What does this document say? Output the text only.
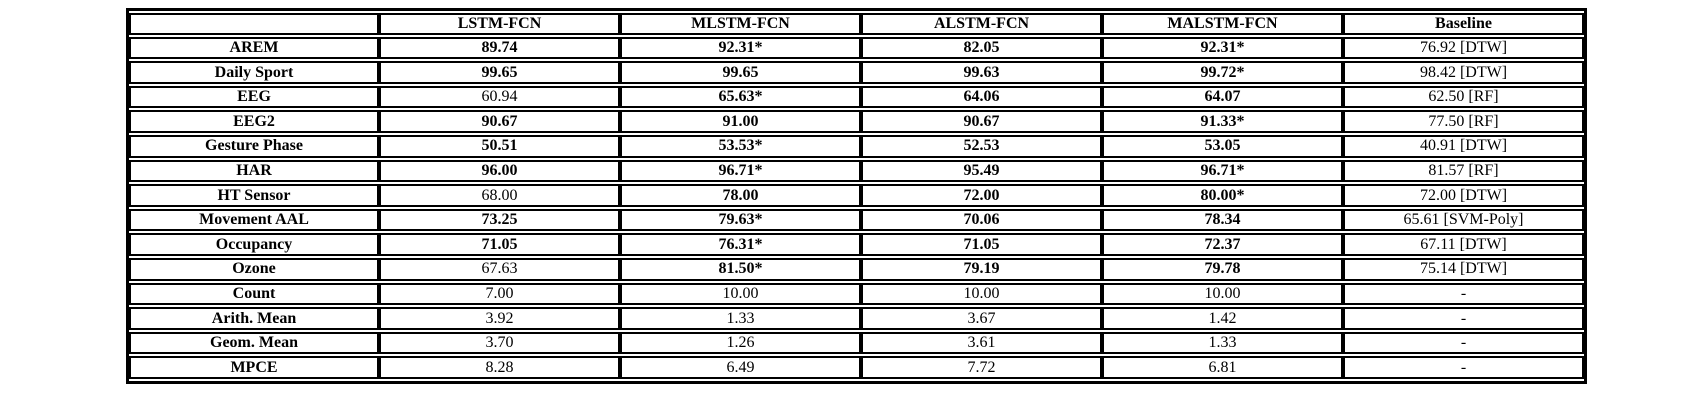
	LSTM-FCN	MLSTM-FCN	ALSTM-FCN	MALSTM-FCN	Baseline
AREM	89.74	92.31*	82.05	92.31*	76.92 [DTW]
Daily Sport	99.65	99.65	99.63	99.72*	98.42 [DTW]
EEG	60.94	65.63*	64.06	64.07	62.50 [RF]
EEG2	90.67	91.00	90.67	91.33*	77.50 [RF]
Gesture Phase	50.51	53.53*	52.53	53.05	40.91 [DTW]
HAR	96.00	96.71*	95.49	96.71*	81.57 [RF]
HT Sensor	68.00	78.00	72.00	80.00*	72.00 [DTW]
Movement AAL	73.25	79.63*	70.06	78.34	65.61 [SVM-Poly]
Occupancy	71.05	76.31*	71.05	72.37	67.11 [DTW]
Ozone	67.63	81.50*	79.19	79.78	75.14 [DTW]
Count	7.00	10.00	10.00	10.00	-
Arith. Mean	3.92	1.33	3.67	1.42	-
Geom. Mean	3.70	1.26	3.61	1.33	-
MPCE	8.28	6.49	7.72	6.81	-
